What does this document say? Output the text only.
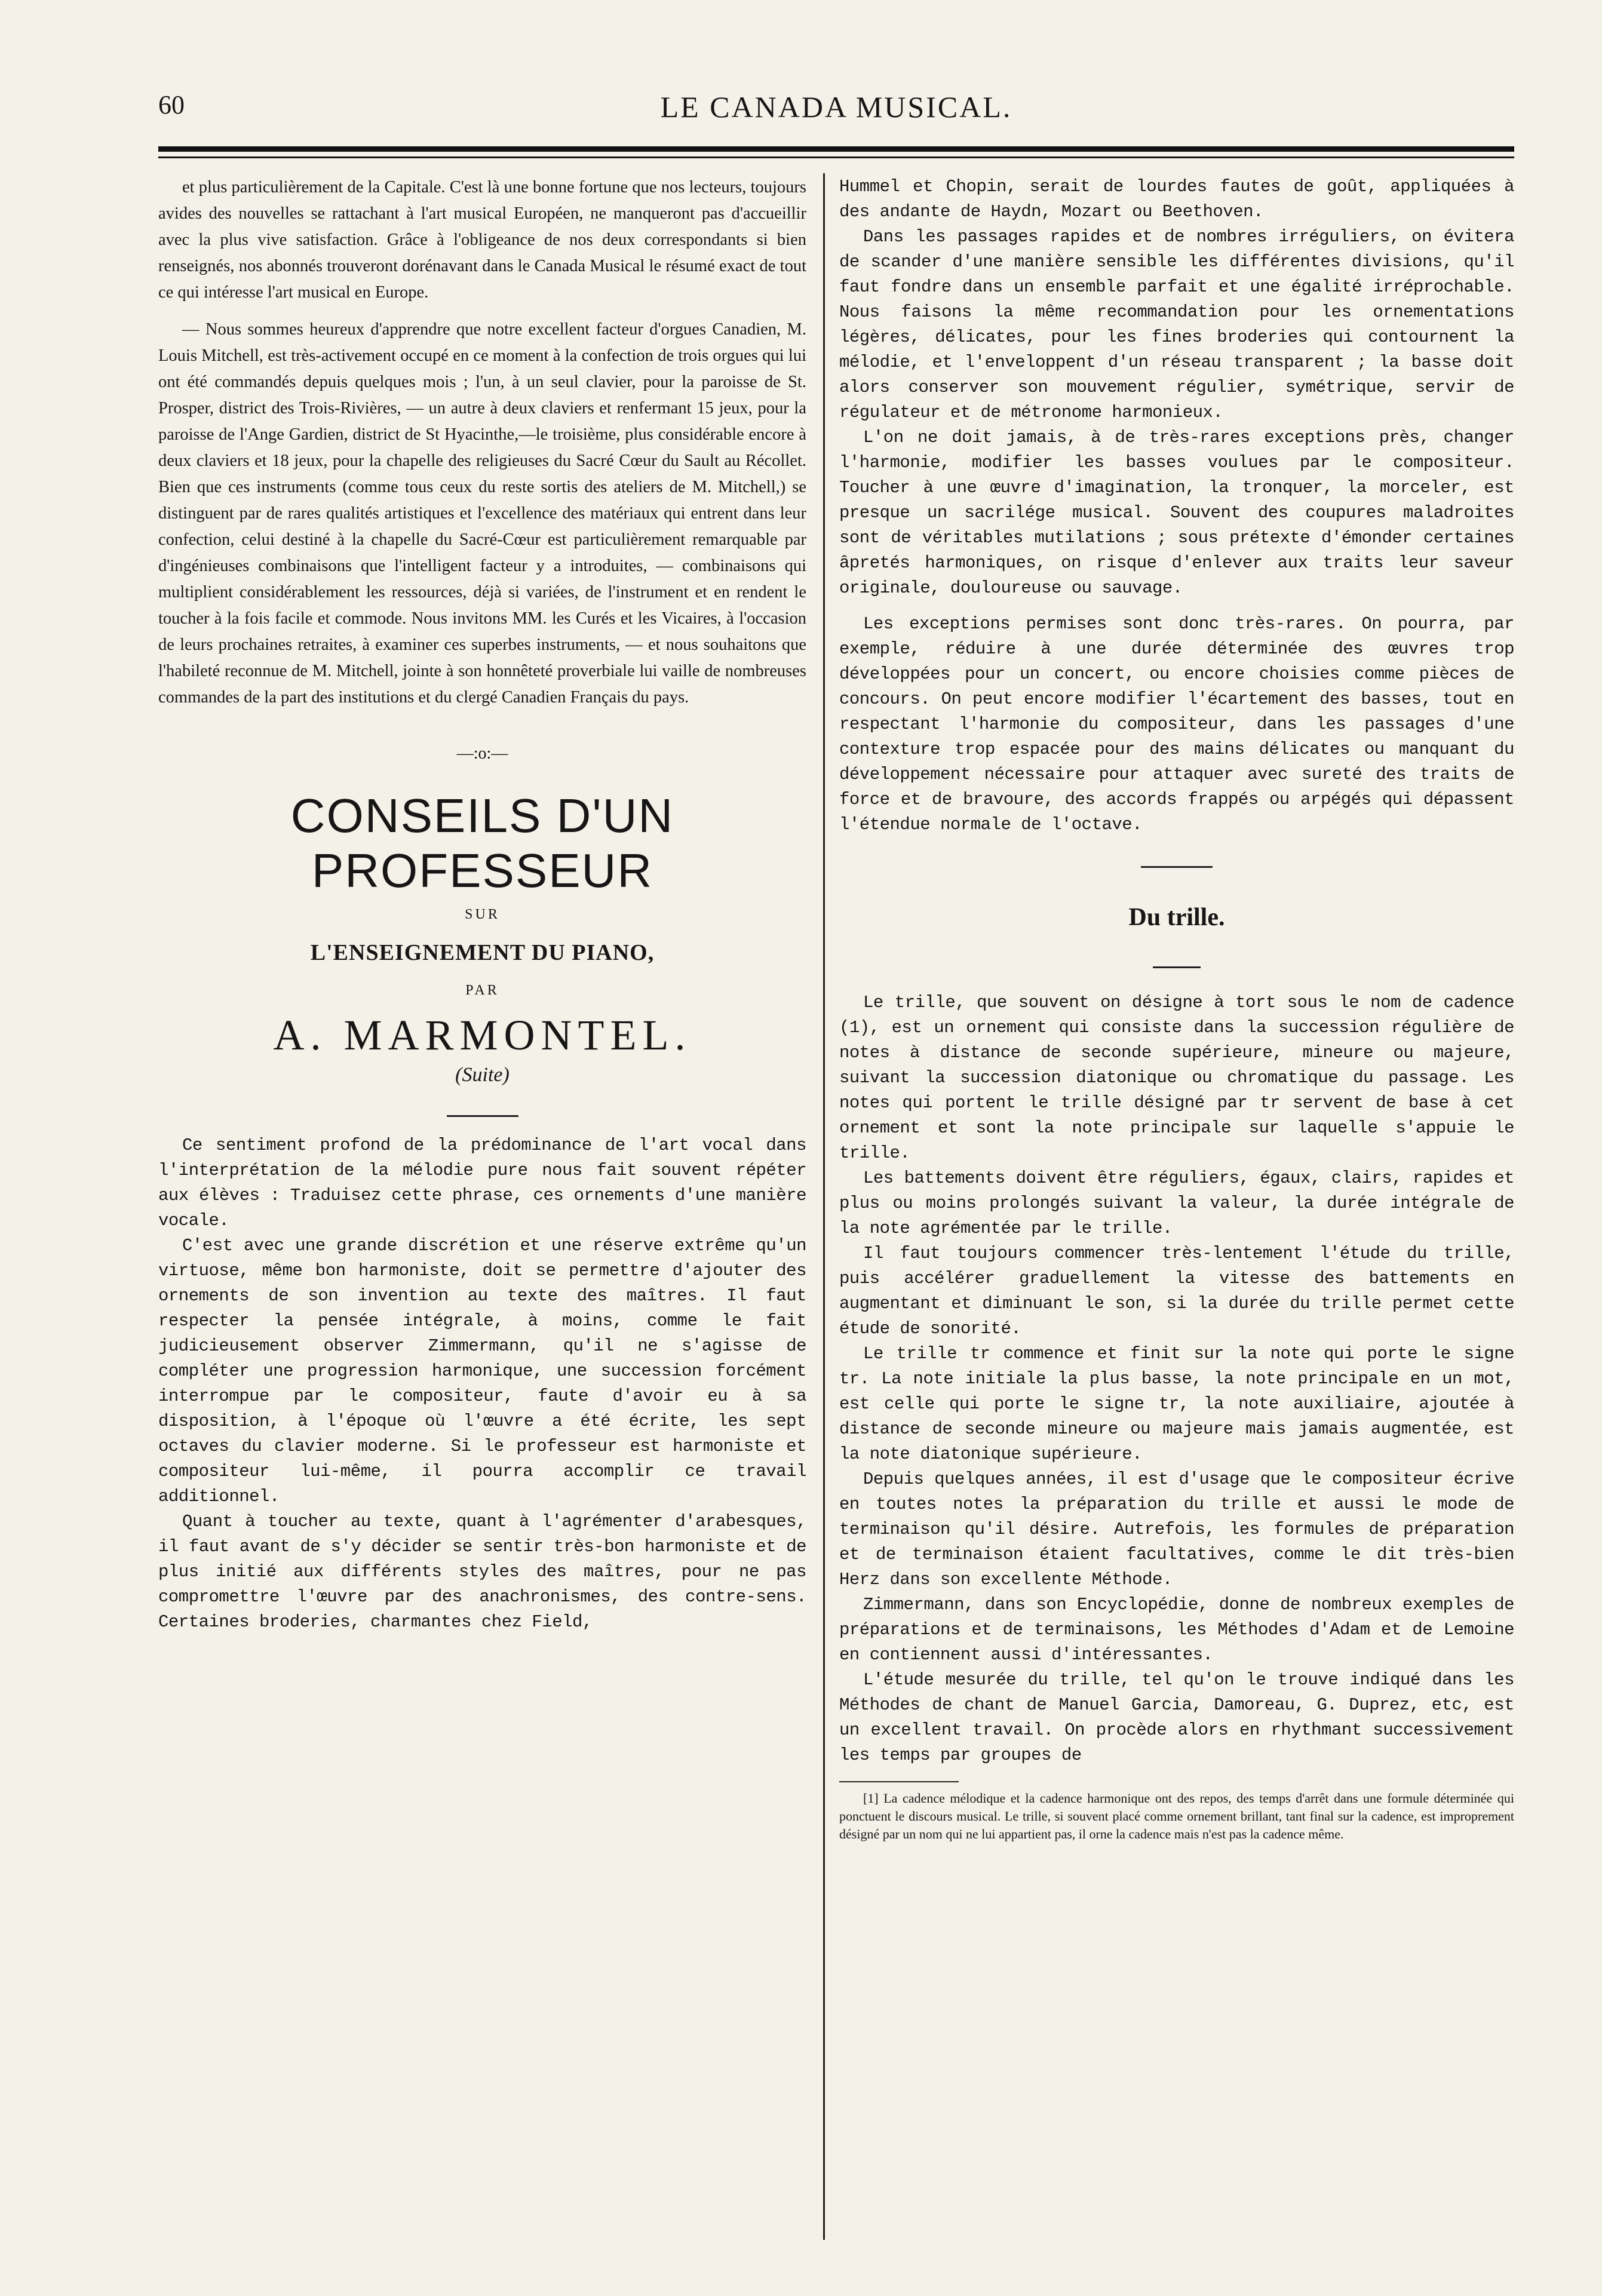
60	LE CANADA MUSICAL.

et plus particulièrement de la Capitale. C'est là une bonne fortune que nos lecteurs, toujours avides des nouvelles se rattachant à l'art musical Européen, ne manqueront pas d'accueillir avec la plus vive satisfaction. Grâce à l'obligeance de nos deux correspondants si bien renseignés, nos abonnés trouveront dorénavant dans le Canada Musical le résumé exact de tout ce qui intéresse l'art musical en Europe.

— Nous sommes heureux d'apprendre que notre excellent facteur d'orgues Canadien, M. Louis Mitchell, est très-activement occupé en ce moment à la confection de trois orgues qui lui ont été commandés depuis quelques mois ; l'un, à un seul clavier, pour la paroisse de St. Prosper, district des Trois-Rivières, — un autre à deux claviers et renfermant 15 jeux, pour la paroisse de l'Ange Gardien, district de St Hyacinthe,—le troisième, plus considérable encore à deux claviers et 18 jeux, pour la chapelle des religieuses du Sacré Cœur du Sault au Récollet. Bien que ces instruments (comme tous ceux du reste sortis des ateliers de M. Mitchell,) se distinguent par de rares qualités artistiques et l'excellence des matériaux qui entrent dans leur confection, celui destiné à la chapelle du Sacré-Cœur est particulièrement remarquable par d'ingénieuses combinaisons que l'intelligent facteur y a introduites, — combinaisons qui multiplient considérablement les ressources, déjà si variées, de l'instrument et en rendent le toucher à la fois facile et commode. Nous invitons MM. les Curés et les Vicaires, à l'occasion de leurs prochaines retraites, à examiner ces superbes instruments, — et nous souhaitons que l'habileté reconnue de M. Mitchell, jointe à son honnêteté proverbiale lui vaille de nombreuses commandes de la part des institutions et du clergé Canadien Français du pays.

—:o:—
CONSEILS D'UN PROFESSEUR
SUR
L'ENSEIGNEMENT DU PIANO,
PAR
A. MARMONTEL.
(Suite)

Ce sentiment profond de la prédominance de l'art vocal dans l'interprétation de la mélodie pure nous fait souvent répéter aux élèves : Traduisez cette phrase, ces ornements d'une manière vocale.

C'est avec une grande discrétion et une réserve extrême qu'un virtuose, même bon harmoniste, doit se permettre d'ajouter des ornements de son invention au texte des maîtres. Il faut respecter la pensée intégrale, à moins, comme le fait judicieusement observer Zimmermann, qu'il ne s'agisse de compléter une progression harmonique, une succession forcément interrompue par le compositeur, faute d'avoir eu à sa disposition, à l'époque où l'œuvre a été écrite, les sept octaves du clavier moderne. Si le professeur est harmoniste et compositeur lui-même, il pourra accomplir ce travail additionnel.

Quant à toucher au texte, quant à l'agrémenter d'arabesques, il faut avant de s'y décider se sentir très-bon harmoniste et de plus initié aux différents styles des maîtres, pour ne pas compromettre l'œuvre par des anachronismes, des contre-sens. Certaines broderies, charmantes chez Field,

Hummel et Chopin, serait de lourdes fautes de goût, appliquées à des andante de Haydn, Mozart ou Beethoven.

Dans les passages rapides et de nombres irréguliers, on évitera de scander d'une manière sensible les différentes divisions, qu'il faut fondre dans un ensemble parfait et une égalité irréprochable. Nous faisons la même recommandation pour les ornementations légères, délicates, pour les fines broderies qui contournent la mélodie, et l'enveloppent d'un réseau transparent ; la basse doit alors conserver son mouvement régulier, symétrique, servir de régulateur et de métronome harmonieux.

L'on ne doit jamais, à de très-rares exceptions près, changer l'harmonie, modifier les basses voulues par le compositeur. Toucher à une œuvre d'imagination, la tronquer, la morceler, est presque un sacrilége musical. Souvent des coupures maladroites sont de véritables mutilations ; sous prétexte d'émonder certaines âpretés harmoniques, on risque d'enlever aux traits leur saveur originale, douloureuse ou sauvage.

Les exceptions permises sont donc très-rares. On pourra, par exemple, réduire à une durée déterminée des œuvres trop développées pour un concert, ou encore choisies comme pièces de concours. On peut encore modifier l'écartement des basses, tout en respectant l'harmonie du compositeur, dans les passages d'une contexture trop espacée pour des mains délicates ou manquant du développement nécessaire pour attaquer avec sureté des traits de force et de bravoure, des accords frappés ou arpégés qui dépassent l'étendue normale de l'octave.

Du trille.

Le trille, que souvent on désigne à tort sous le nom de cadence (1), est un ornement qui consiste dans la succession régulière de notes à distance de seconde supérieure, mineure ou majeure, suivant la succession diatonique ou chromatique du passage. Les notes qui portent le trille désigné par tr servent de base à cet ornement et sont la note principale sur laquelle s'appuie le trille.

Les battements doivent être réguliers, égaux, clairs, rapides et plus ou moins prolongés suivant la valeur, la durée intégrale de la note agrémentée par le trille.

Il faut toujours commencer très-lentement l'étude du trille, puis accélérer graduellement la vitesse des battements en augmentant et diminuant le son, si la durée du trille permet cette étude de sonorité.

Le trille tr commence et finit sur la note qui porte le signe tr. La note initiale la plus basse, la note principale en un mot, est celle qui porte le signe tr, la note auxiliaire, ajoutée à distance de seconde mineure ou majeure mais jamais augmentée, est la note diatonique supérieure.

Depuis quelques années, il est d'usage que le compositeur écrive en toutes notes la préparation du trille et aussi le mode de terminaison qu'il désire. Autrefois, les formules de préparation et de terminaison étaient facultatives, comme le dit très-bien Herz dans son excellente Méthode.

Zimmermann, dans son Encyclopédie, donne de nombreux exemples de préparations et de terminaisons, les Méthodes d'Adam et de Lemoine en contiennent aussi d'intéressantes.

L'étude mesurée du trille, tel qu'on le trouve indiqué dans les Méthodes de chant de Manuel Garcia, Damoreau, G. Duprez, etc, est un excellent travail. On procède alors en rhythmant successivement les temps par groupes de

[1] La cadence mélodique et la cadence harmonique ont des repos, des temps d'arrêt dans une formule déterminée qui ponctuent le discours musical. Le trille, si souvent placé comme ornement brillant, tant final sur la cadence, est improprement désigné par un nom qui ne lui appartient pas, il orne la cadence mais n'est pas la cadence même.
